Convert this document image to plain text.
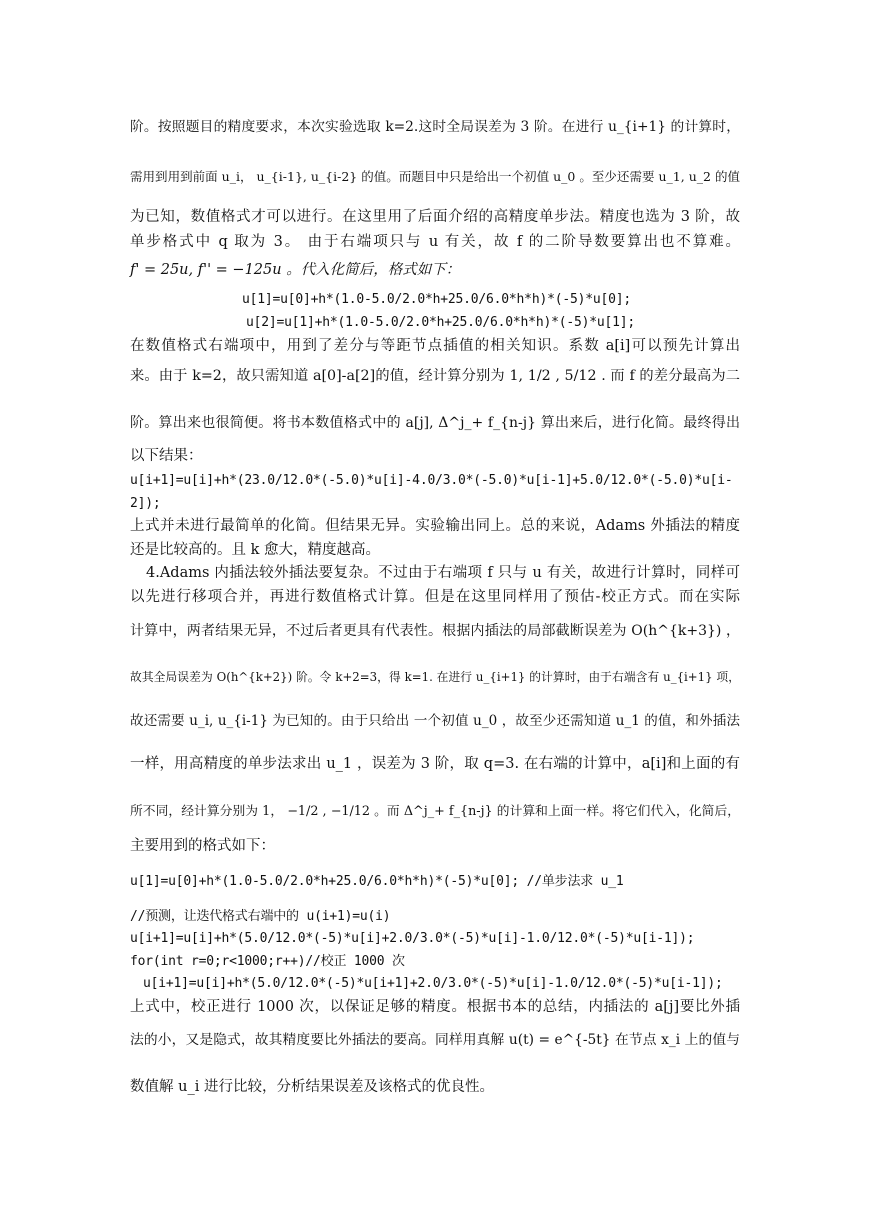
阶。按照题目的精度要求，本次实验选取 k=2.这时全局误差为 3 阶。在进行 u_{i+1} 的计算时，
需用到用到前面 u_i， u_{i-1}, u_{i-2} 的值。而题目中只是给出一个初值 u_0 。至少还需要 u_1, u_2 的值
为已知，数值格式才可以进行。在这里用了后面介绍的高精度单步法。精度也选为 3 阶，故
单步格式中 q 取为 3。 由于右端项只与 u 有关，故 f 的二阶导数要算出也不算难。
f' = 25u, f'' = −125u 。代入化简后，格式如下：
u[1]=u[0]+h*(1.0-5.0/2.0*h+25.0/6.0*h*h)*(-5)*u[0];
u[2]=u[1]+h*(1.0-5.0/2.0*h+25.0/6.0*h*h)*(-5)*u[1];
在数值格式右端项中，用到了差分与等距节点插值的相关知识。系数 a[i]可以预先计算出
来。由于 k=2，故只需知道 a[0]-a[2]的值，经计算分别为 1, 1/2 , 5/12 . 而 f 的差分最高为二
阶。算出来也很简便。将书本数值格式中的 a[j], Δ^j_+ f_{n-j} 算出来后，进行化简。最终得出
以下结果：
u[i+1]=u[i]+h*(23.0/12.0*(-5.0)*u[i]-4.0/3.0*(-5.0)*u[i-1]+5.0/12.0*(-5.0)*u[i-
2]);
上式并未进行最简单的化简。但结果无异。实验输出同上。总的来说，Adams 外插法的精度
还是比较高的。且 k 愈大，精度越高。
4.Adams 内插法较外插法要复杂。不过由于右端项 f 只与 u 有关，故进行计算时，同样可
以先进行移项合并，再进行数值格式计算。但是在这里同样用了预估-校正方式。而在实际
计算中，两者结果无异，不过后者更具有代表性。根据内插法的局部截断误差为 O(h^{k+3}) ，
故其全局误差为 O(h^{k+2}) 阶。令 k+2=3，得 k=1. 在进行 u_{i+1} 的计算时，由于右端含有 u_{i+1} 项，
故还需要 u_i, u_{i-1} 为已知的。由于只给出 一个初值 u_0 ，故至少还需知道 u_1 的值，和外插法
一样，用高精度的单步法求出 u_1 ，误差为 3 阶，取 q=3. 在右端的计算中，a[i]和上面的有
所不同，经计算分别为 1， −1/2 , −1/12 。而 Δ^j_+ f_{n-j} 的计算和上面一样。将它们代入，化简后，
主要用到的格式如下：
u[1]=u[0]+h*(1.0-5.0/2.0*h+25.0/6.0*h*h)*(-5)*u[0]; //单步法求 u_1
//预测，让迭代格式右端中的 u(i+1)=u(i)
u[i+1]=u[i]+h*(5.0/12.0*(-5)*u[i]+2.0/3.0*(-5)*u[i]-1.0/12.0*(-5)*u[i-1]);
for(int r=0;r<1000;r++)//校正 1000 次
u[i+1]=u[i]+h*(5.0/12.0*(-5)*u[i+1]+2.0/3.0*(-5)*u[i]-1.0/12.0*(-5)*u[i-1]);
上式中，校正进行 1000 次，以保证足够的精度。根据书本的总结，内插法的 a[j]要比外插
法的小，又是隐式，故其精度要比外插法的要高。同样用真解 u(t) = e^{-5t} 在节点 x_i 上的值与
数值解 u_i 进行比较，分析结果误差及该格式的优良性。
